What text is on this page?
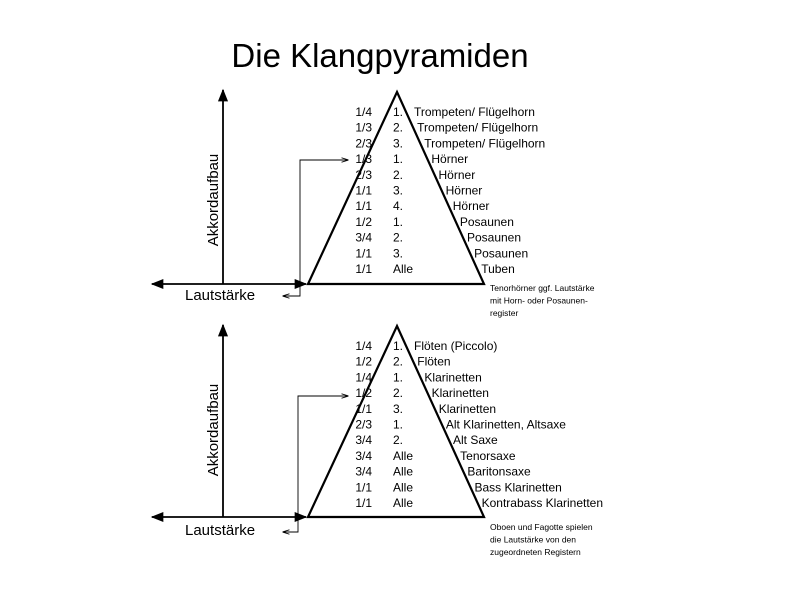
Die Klangpyramiden
Akkordaufbau
Lautstärke
1/4 1. Trompeten/ Flügelhorn
1/3 2. Trompeten/ Flügelhorn
2/3 3. Trompeten/ Flügelhorn
1/3 1. Hörner
2/3 2.	Hörner
1/1 3.	Hörner
1/1 4.	Hörner
1/2 1.	Posaunen
3/4 2.	Posaunen
1/1 3.	Posaunen
1/1 Alle	Tuben
Tenorhörner ggf. Lautstärke
mit Horn- oder Posaunen-
register
Akkordaufbau
Lautstärke
1/4 1. Flöten (Piccolo)
1/2 2. Flöten
1/4 1. Klarinetten
1/2 2. Klarinetten
1/1 3.	Klarinetten
2/3 1.	Alt Klarinetten, Altsaxe
3/4 2.	Alt Saxe
3/4 Alle	Tenorsaxe
3/4 Alle	Baritonsaxe
1/1 Alle	Bass Klarinetten
1/1 Alle	Kontrabass Klarinetten
Oboen und Fagotte spielen
die Lautstärke von den
zugeordneten Registern
